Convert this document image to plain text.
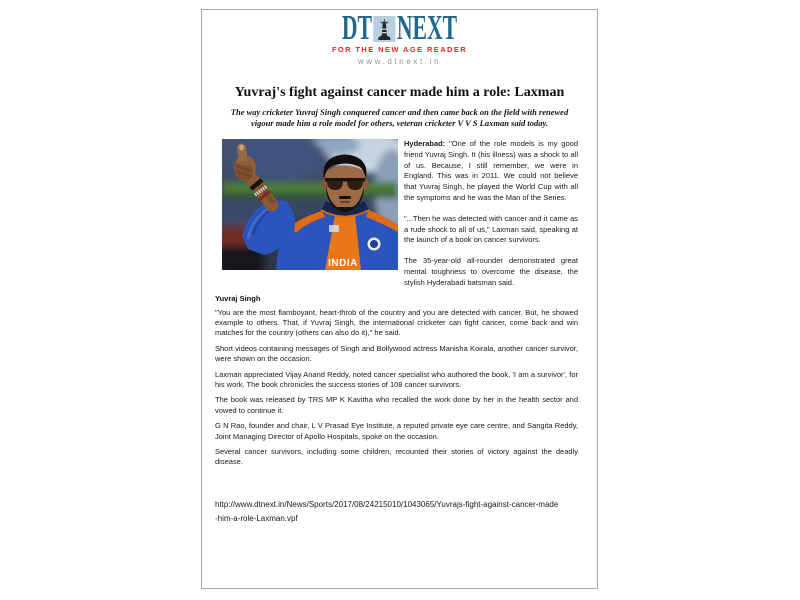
DT NEXT
FOR THE NEW AGE READER
www.dtnext.in
Yuvraj's fight against cancer made him a role: Laxman
The way cricketer Yuvraj Singh conquered cancer and then came back on the field with renewed vigour made him a role model for others, veteran cricketer V V S Laxman said today.
INDIA

Hyderabad: "One of the role models is my good friend Yuvraj Singh. It (his illness) was a shock to all of us. Because, I still remember, we were in England. This was in 2011. We could not believe that Yuvraj Singh, he played the World Cup with all the symptoms and he was the Man of the Series.

"...Then he was detected with cancer and it came as a rude shock to all of us," Laxman said, speaking at the launch of a book on cancer survivors.

The 35-year-old all-rounder demonstrated great mental toughness to overcome the disease, the stylish Hyderabadi batsman said.

Yuvraj Singh

"You are the most flamboyant, heart-throb of the country and you are detected with cancer. But, he showed example to others. That, if Yuvraj Singh, the international cricketer can fight cancer, come back and win matches for the country (others can also do it)," he said.

Short videos containing messages of Singh and Bollywood actress Manisha Koirala, another cancer survivor, were shown on the occasion.

Laxman appreciated Vijay Anand Reddy, noted cancer specialist who authored the book, 'I am a survivor', for his work. The book chronicles the success stories of 108 cancer survivors.

The book was released by TRS MP K Kavitha who recalled the work done by her in the health sector and vowed to continue it.

G N Rao, founder and chair, L V Prasad Eye Institute, a reputed private eye care centre, and Sangita Reddy, Joint Managing Director of Apollo Hospitals, spoke on the occasion.

Several cancer survivors, including some children, recounted their stories of victory against the deadly disease.

http://www.dtnext.in/News/Sports/2017/08/24215010/1043065/Yuvrajs-fight-against-cancer-made-him-a-role-Laxman.vpf
